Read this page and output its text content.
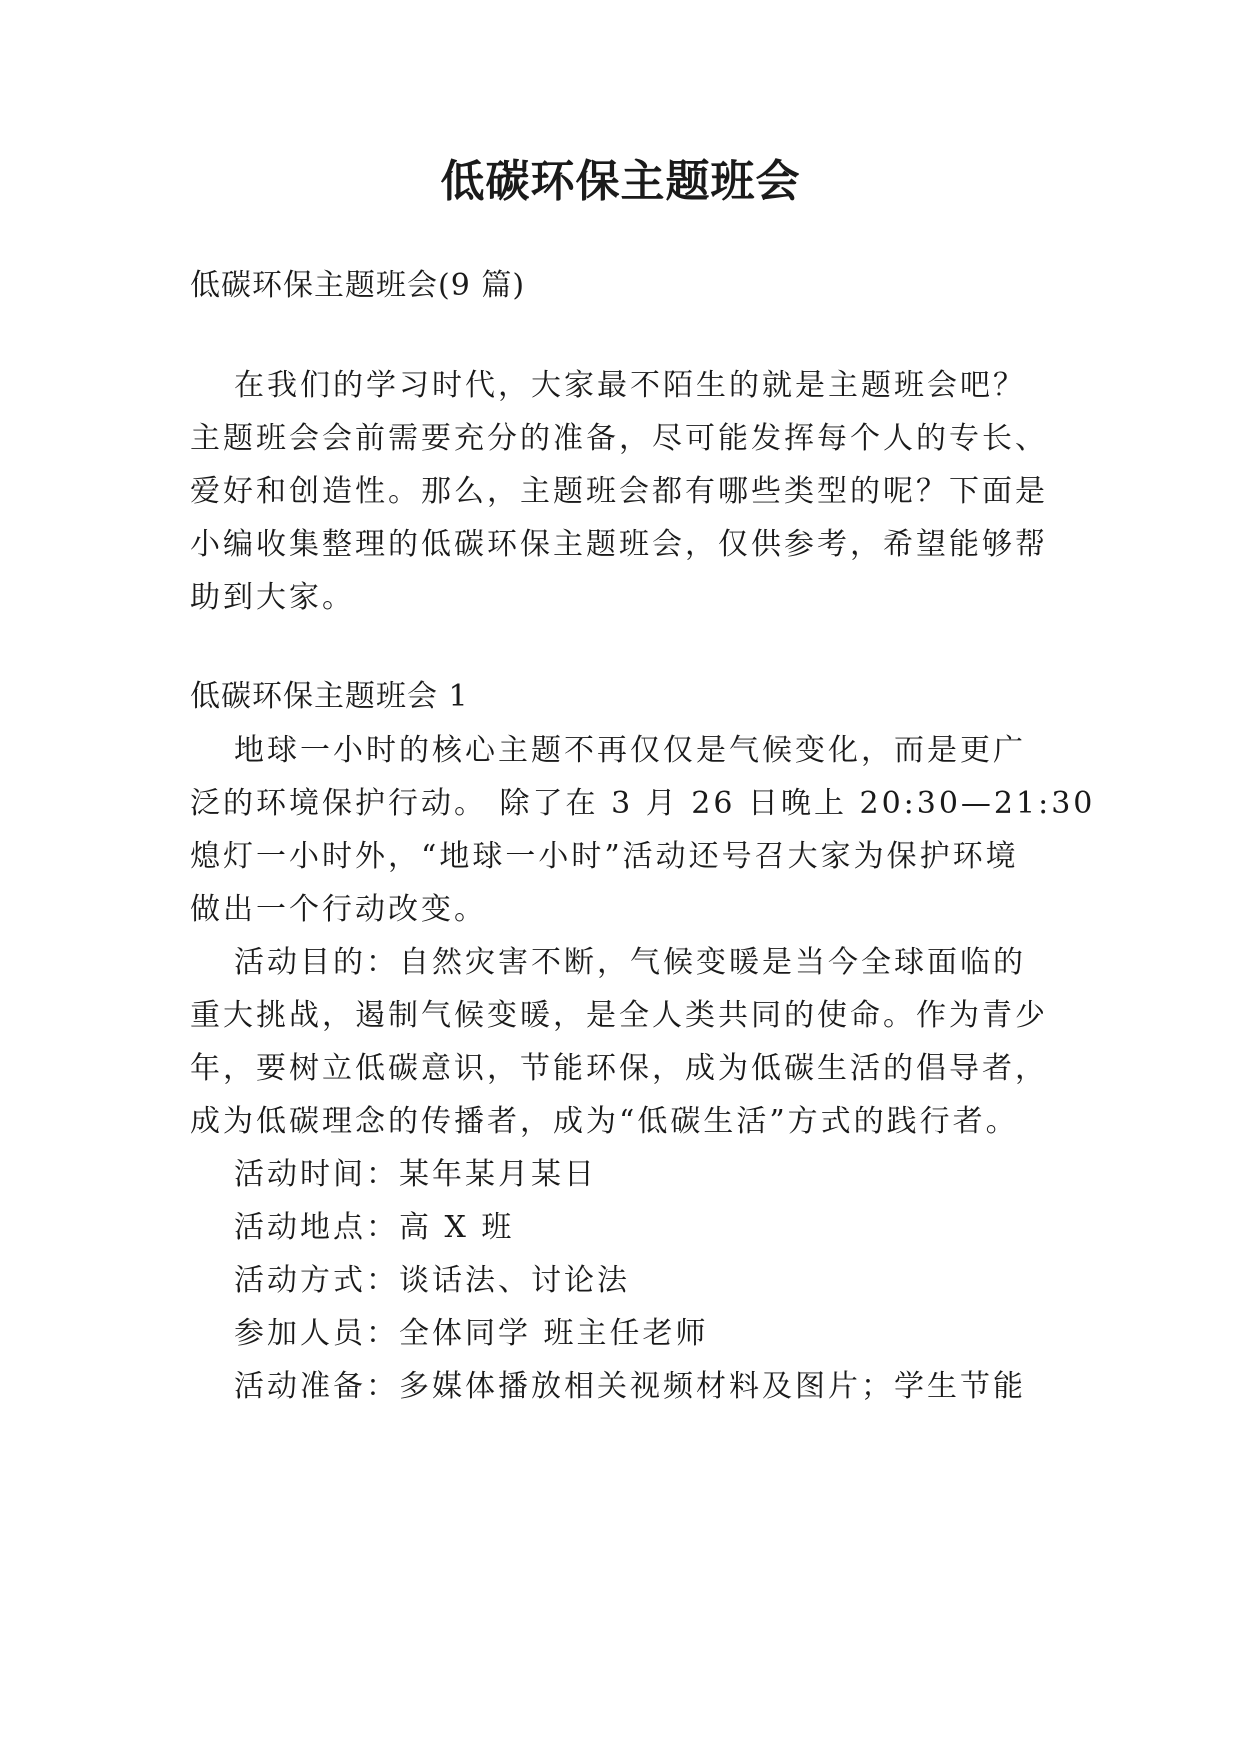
低碳环保主题班会
低碳环保主题班会(9 篇)
在我们的学习时代，大家最不陌生的就是主题班会吧？
主题班会会前需要充分的准备，尽可能发挥每个人的专长、
爱好和创造性。那么，主题班会都有哪些类型的呢？下面是
小编收集整理的低碳环保主题班会，仅供参考，希望能够帮
助到大家。
低碳环保主题班会 1
地球一小时的核心主题不再仅仅是气候变化，而是更广
泛的环境保护行动。 除了在 3 月 26 日晚上 20:30—21:30
熄灯一小时外，“地球一小时”活动还号召大家为保护环境
做出一个行动改变。
活动目的：自然灾害不断，气候变暖是当今全球面临的
重大挑战，遏制气候变暖，是全人类共同的使命。作为青少
年，要树立低碳意识，节能环保，成为低碳生活的倡导者，
成为低碳理念的传播者，成为“低碳生活”方式的践行者。
活动时间：某年某月某日
活动地点：高 X 班
活动方式：谈话法、讨论法
参加人员：全体同学 班主任老师
活动准备：多媒体播放相关视频材料及图片；学生节能
